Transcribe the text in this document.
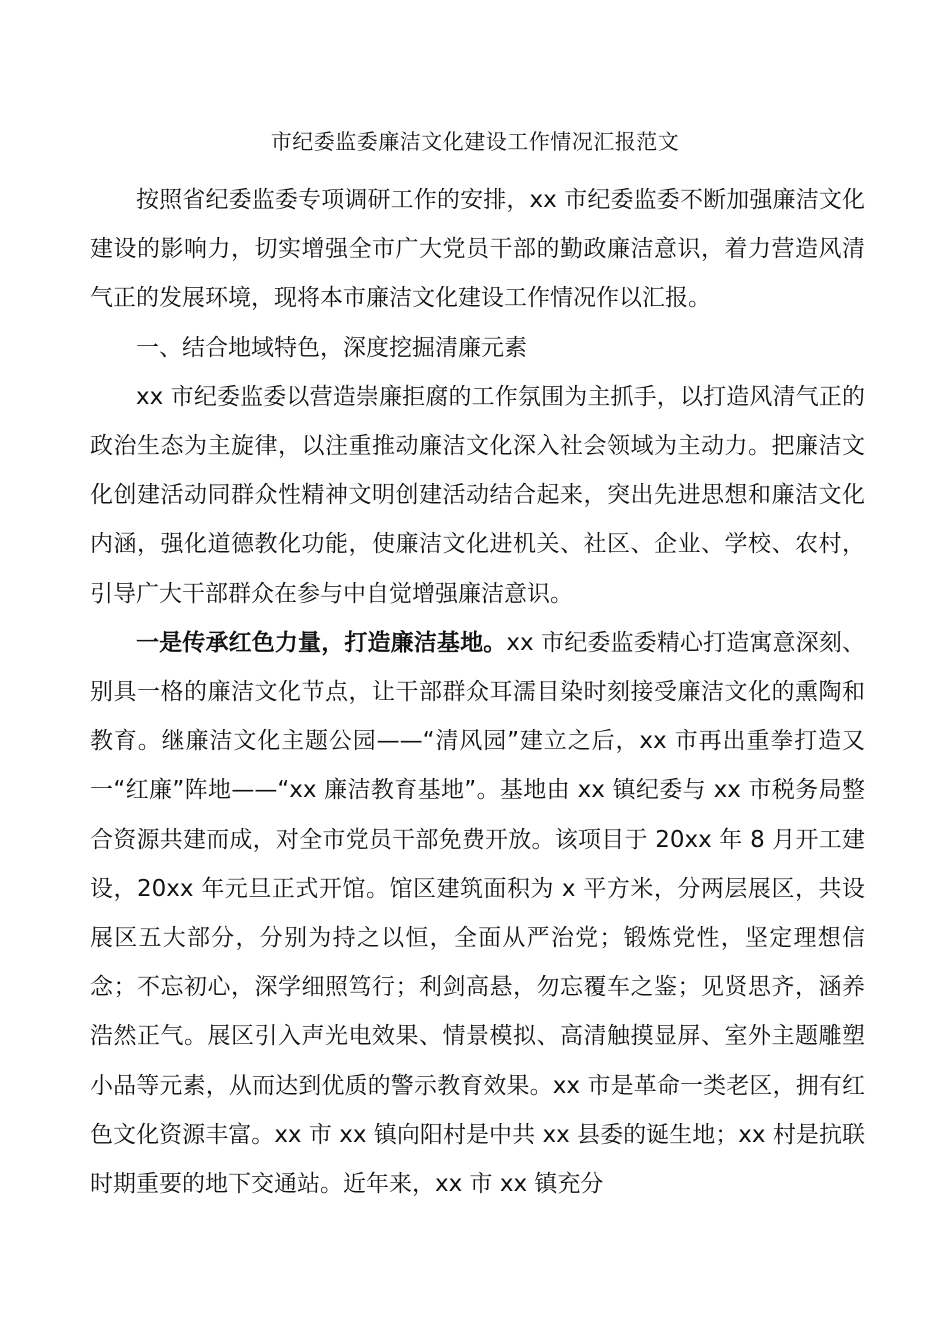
市纪委监委廉洁文化建设工作情况汇报范文

按照省纪委监委专项调研工作的安排，xx 市纪委监委不断加强廉洁文化建设的影响力，切实增强全市广大党员干部的勤政廉洁意识，着力营造风清气正的发展环境，现将本市廉洁文化建设工作情况作以汇报。

一、结合地域特色，深度挖掘清廉元素

xx 市纪委监委以营造崇廉拒腐的工作氛围为主抓手，以打造风清气正的政治生态为主旋律，以注重推动廉洁文化深入社会领域为主动力。把廉洁文化创建活动同群众性精神文明创建活动结合起来，突出先进思想和廉洁文化内涵，强化道德教化功能，使廉洁文化进机关、社区、企业、学校、农村，引导广大干部群众在参与中自觉增强廉洁意识。

一是传承红色力量，打造廉洁基地。xx 市纪委监委精心打造寓意深刻、别具一格的廉洁文化节点，让干部群众耳濡目染时刻接受廉洁文化的熏陶和教育。继廉洁文化主题公园——“清风园”建立之后，xx 市再出重拳打造又一“红廉”阵地——“xx 廉洁教育基地”。基地由 xx 镇纪委与 xx 市税务局整合资源共建而成，对全市党员干部免费开放。该项目于 20xx 年 8 月开工建设，20xx 年元旦正式开馆。馆区建筑面积为 x 平方米，分两层展区，共设展区五大部分，分别为持之以恒，全面从严治党；锻炼党性，坚定理想信念；不忘初心，深学细照笃行；利剑高悬，勿忘覆车之鉴；见贤思齐，涵养浩然正气。展区引入声光电效果、情景模拟、高清触摸显屏、室外主题雕塑小品等元素，从而达到优质的警示教育效果。xx 市是革命一类老区，拥有红色文化资源丰富。xx 市 xx 镇向阳村是中共 xx 县委的诞生地；xx 村是抗联时期重要的地下交通站。近年来，xx 市 xx 镇充分
